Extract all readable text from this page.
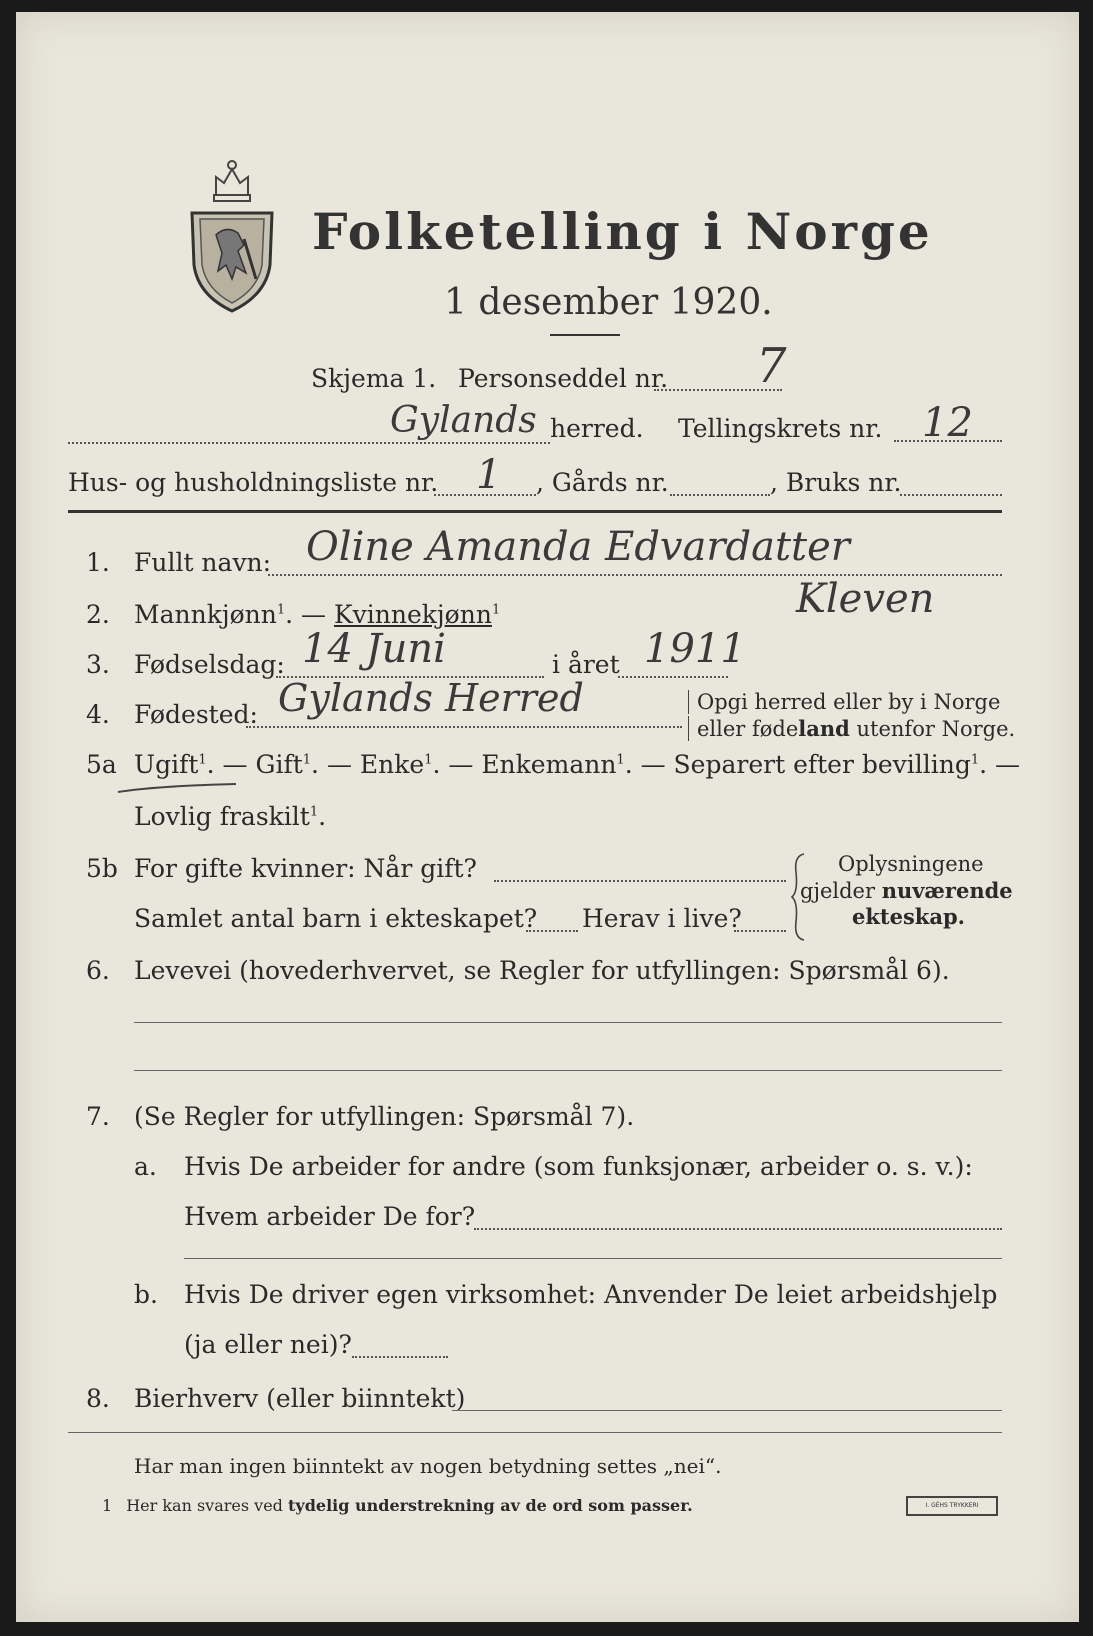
Folketelling i Norge
1 desember 1920.
Skjema 1. Personseddel nr. 7
Gylands herred. Tellingskrets nr. 12
Hus- og husholdningsliste nr. 1 , Gårds nr.	, Bruks nr.
1. Fullt navn: Oline Amanda Edvardatter
Kleven
2. Mannkjønn$^1$. — Kvinnekjønn$^1$
3. Fødselsdag: 14 Juni	i året 1911
4. Fødested: Gylands Herred	Opgi herred eller by i Norge
eller fødeland utenfor Norge.
5a Ugift$^1$. — Gift$^1$. — Enke$^1$. — Enkemann$^1$. — Separert efter bevilling$^1$. —
Lovlig fraskilt$^1$.
5b For gifte kvinner: Når gift?
Samlet antal barn i ekteskapet? Herav i live?
Oplysningene
gjelder nuværende
ekteskap.
6. Levevei (hovederhvervet, se Regler for utfyllingen: Spørsmål 6).
7. (Se Regler for utfyllingen: Spørsmål 7).
a. Hvis De arbeider for andre (som funksjonær, arbeider o. s. v.):
Hvem arbeider De for?
b. Hvis De driver egen virksomhet: Anvender De leiet arbeidshjelp
(ja eller nei)?
8. Bierhverv (eller biinntekt)
Har man ingen biinntekt av nogen betydning settes „nei“.
1 Her kan svares ved tydelig understrekning av de ord som passer.	I. GÉHS TRYKKERI
